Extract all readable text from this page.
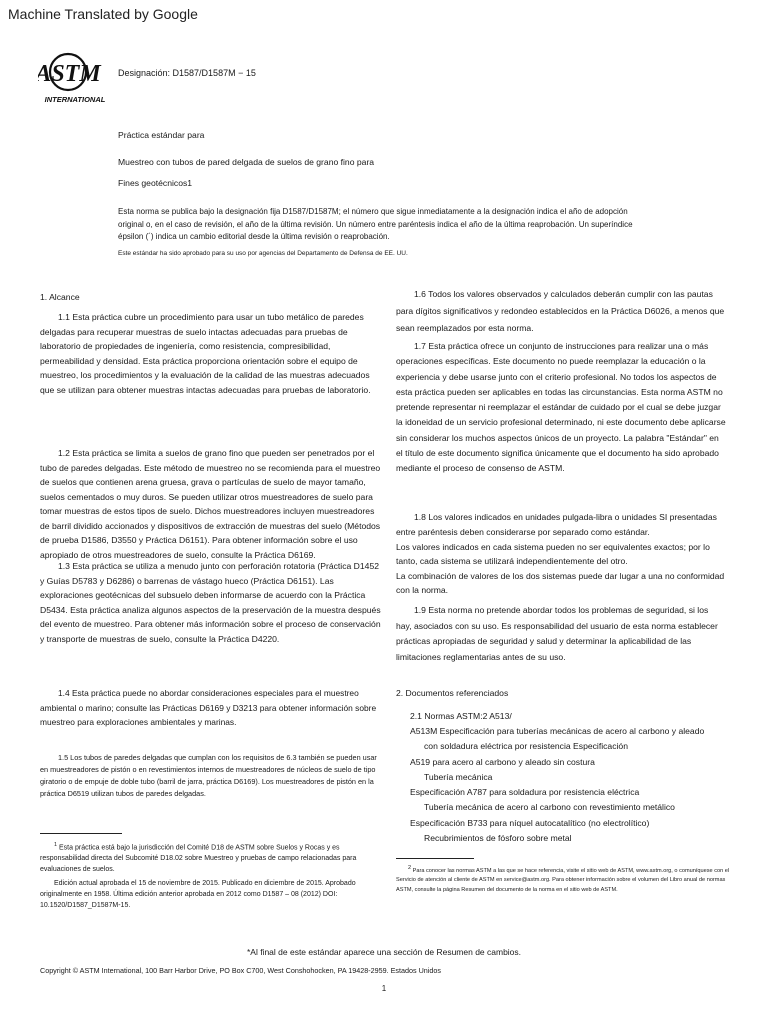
Machine Translated by Google
ASTM
INTERNATIONAL
Designación: D1587/D1587M − 15
Práctica estándar para
Muestreo con tubos de pared delgada de suelos de grano fino para
Fines geotécnicos1
Esta norma se publica bajo la designación fija D1587/D1587M; el número que sigue inmediatamente a la designación indica el año de adopción original o, en el caso de revisión, el año de la última revisión. Un número entre paréntesis indica el año de la última reaprobación. Un superíndice épsilon (´) indica un cambio editorial desde la última revisión o reaprobación.
Este estándar ha sido aprobado para su uso por agencias del Departamento de Defensa de EE. UU.
1. Alcance
1.1 Esta práctica cubre un procedimiento para usar un tubo metálico de paredes delgadas para recuperar muestras de suelo intactas adecuadas para pruebas de laboratorio de propiedades de ingeniería, como resistencia, compresibilidad, permeabilidad y densidad. Esta práctica proporciona orientación sobre el equipo de muestreo, los procedimientos y la evaluación de la calidad de las muestras adecuados que se utilizan para obtener muestras intactas adecuadas para pruebas de laboratorio.
1.2 Esta práctica se limita a suelos de grano fino que pueden ser penetrados por el tubo de paredes delgadas. Este método de muestreo no se recomienda para el muestreo de suelos que contienen arena gruesa, grava o partículas de suelo de mayor tamaño, suelos cementados o muy duros. Se pueden utilizar otros muestreadores de suelo para tomar muestras de estos tipos de suelo. Dichos muestreadores incluyen muestreadores de barril dividido accionados y dispositivos de extracción de muestras del suelo (Métodos de prueba D1586, D3550 y Práctica D6151). Para obtener información sobre el uso apropiado de otros muestreadores de suelo, consulte la Práctica D6169.
1.3 Esta práctica se utiliza a menudo junto con perforación rotatoria (Práctica D1452 y Guías D5783 y D6286) o barrenas de vástago hueco (Práctica D6151). Las exploraciones geotécnicas del subsuelo deben informarse de acuerdo con la Práctica D5434. Esta práctica analiza algunos aspectos de la preservación de la muestra después del evento de muestreo. Para obtener más información sobre el proceso de conservación y transporte de muestras de suelo, consulte la Práctica D4220.
1.4 Esta práctica puede no abordar consideraciones especiales para el muestreo ambiental o marino; consulte las Prácticas D6169 y D3213 para obtener información sobre muestreo para exploraciones ambientales y marinas.
1.5 Los tubos de paredes delgadas que cumplan con los requisitos de 6.3 también se pueden usar en muestreadores de pistón o en revestimientos internos de muestreadores de núcleos de suelo de tipo giratorio o de empuje de doble tubo (barril de jarra, práctica D6169). Los muestreadores de pistón en la práctica D6519 utilizan tubos de paredes delgadas.
$^1$ Esta práctica está bajo la jurisdicción del Comité D18 de ASTM sobre Suelos y Rocas y es responsabilidad directa del Subcomité D18.02 sobre Muestreo y pruebas de campo relacionadas para evaluaciones de suelos.
Edición actual aprobada el 15 de noviembre de 2015. Publicado en diciembre de 2015. Aprobado originalmente en 1958. Última edición anterior aprobada en 2012 como D1587 – 08 (2012) DOI: 10.1520/D1587_D1587M-15.
1.6 Todos los valores observados y calculados deberán cumplir con las pautas para dígitos significativos y redondeo establecidos en la Práctica D6026, a menos que sean reemplazados por esta norma.
1.7 Esta práctica ofrece un conjunto de instrucciones para realizar una o más operaciones específicas. Este documento no puede reemplazar la educación o la experiencia y debe usarse junto con el criterio profesional. No todos los aspectos de esta práctica pueden ser aplicables en todas las circunstancias. Esta norma ASTM no pretende representar ni reemplazar el estándar de cuidado por el cual se debe juzgar la idoneidad de un servicio profesional determinado, ni este documento debe aplicarse sin considerar los muchos aspectos únicos de un proyecto. La palabra "Estándar" en el título de este documento significa únicamente que el documento ha sido aprobado mediante el proceso de consenso de ASTM.
1.8 Los valores indicados en unidades pulgada-libra o unidades SI presentadas entre paréntesis deben considerarse por separado como estándar.
Los valores indicados en cada sistema pueden no ser equivalentes exactos; por lo tanto, cada sistema se utilizará independientemente del otro.
La combinación de valores de los dos sistemas puede dar lugar a una no conformidad con la norma.
1.9 Esta norma no pretende abordar todos los problemas de seguridad, si los hay, asociados con su uso. Es responsabilidad del usuario de esta norma establecer prácticas apropiadas de seguridad y salud y determinar la aplicabilidad de las limitaciones reglamentarias antes de su uso.
2. Documentos referenciados
2.1 Normas ASTM:2 A513/
A513M Especificación para tuberías mecánicas de acero al carbono y aleado
con soldadura eléctrica por resistencia Especificación
A519 para acero al carbono y aleado sin costura
Tubería mecánica
Especificación A787 para soldadura por resistencia eléctrica
Tubería mecánica de acero al carbono con revestimiento metálico
Especificación B733 para níquel autocatalítico (no electrolítico)
Recubrimientos de fósforo sobre metal
2 Para conocer las normas ASTM a las que se hace referencia, visite el sitio web de ASTM, www.astm.org, o comuníquese con el Servicio de atención al cliente de ASTM en service@astm.org. Para obtener información sobre el volumen del Libro anual de normas ASTM, consulte la página Resumen del documento de la norma en el sitio web de ASTM.
*Al final de este estándar aparece una sección de Resumen de cambios.
Copyright © ASTM International, 100 Barr Harbor Drive, PO Box C700, West Conshohocken, PA 19428-2959. Estados Unidos
1
